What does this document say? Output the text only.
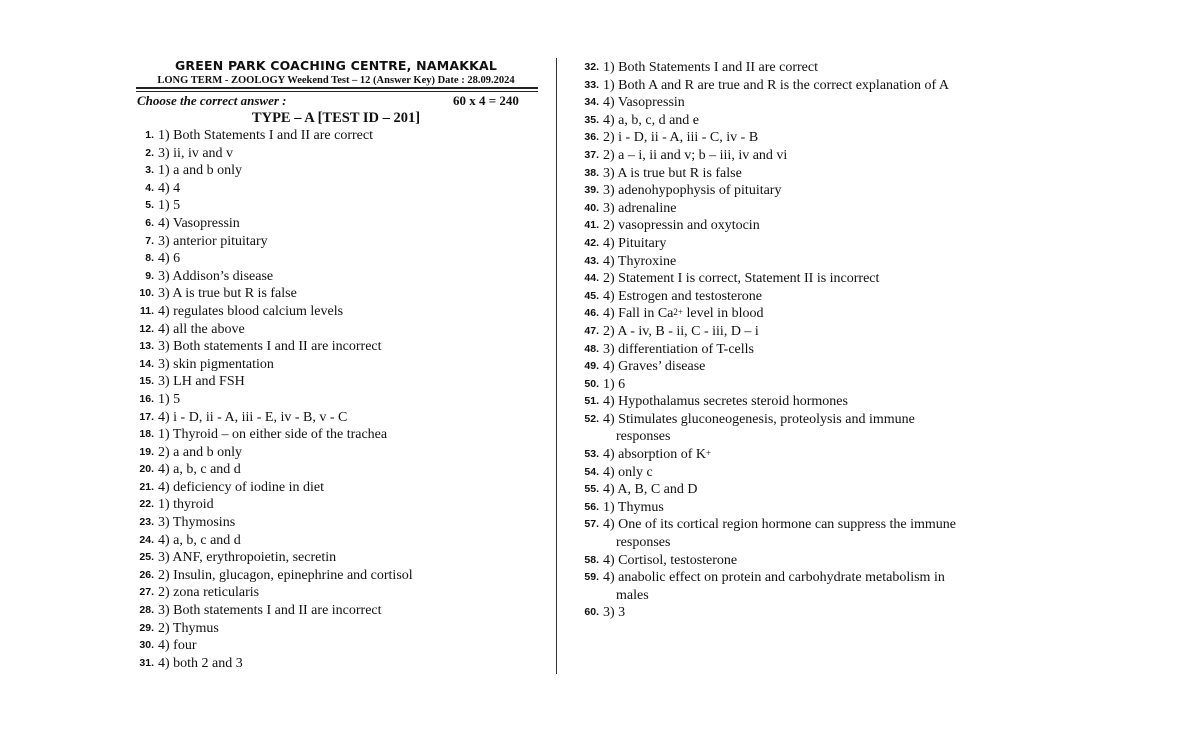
GREEN PARK COACHING CENTRE, NAMAKKAL
LONG TERM - ZOOLOGY Weekend Test – 12 (Answer Key) Date : 28.09.2024
Choose the correct answer :	60 x 4 = 240
TYPE – A [TEST ID – 201]
1. 1) Both Statements I and II are correct
2. 3) ii, iv and v
3. 1) a and b only
4. 4) 4
5. 1) 5
6. 4) Vasopressin
7. 3) anterior pituitary
8. 4) 6
9. 3) Addison’s disease
10. 3) A is true but R is false
11. 4) regulates blood calcium levels
12. 4) all the above
13. 3) Both statements I and II are incorrect
14. 3) skin pigmentation
15. 3) LH and FSH
16. 1) 5
17. 4) i - D, ii - A, iii - E, iv - B, v - C
18. 1) Thyroid – on either side of the trachea
19. 2) a and b only
20. 4) a, b, c and d
21. 4) deficiency of iodine in diet
22. 1) thyroid
23. 3) Thymosins
24. 4) a, b, c and d
25. 3) ANF, erythropoietin, secretin
26. 2) Insulin, glucagon, epinephrine and cortisol
27. 2) zona reticularis
28. 3) Both statements I and II are incorrect
29. 2) Thymus
30. 4) four
31. 4) both 2 and 3
32. 1) Both Statements I and II are correct
33. 1) Both A and R are true and R is the correct explanation of A
34. 4) Vasopressin
35. 4) a, b, c, d and e
36. 2) i - D, ii - A, iii - C, iv - B
37. 2) a – i, ii and v; b – iii, iv and vi
38. 3) A is true but R is false
39. 3) adenohypophysis of pituitary
40. 3) adrenaline
41. 2) vasopressin and oxytocin
42. 4) Pituitary
43. 4) Thyroxine
44. 2) Statement I is correct, Statement II is incorrect
45. 4) Estrogen and testosterone
46. 4) Fall in $Ca^{2+}$ level in blood
47. 2) A - iv, B - ii, C - iii, D – i
48. 3) differentiation of T-cells
49. 4) Graves’ disease
50. 1) 6
51. 4) Hypothalamus secretes steroid hormones
52. 4) Stimulates gluconeogenesis, proteolysis and immune
responses
53. 4) absorption of K+
54. 4) only c
55. 4) A, B, C and D
56. 1) Thymus
57. 4) One of its cortical region hormone can suppress the immune
responses
58. 4) Cortisol, testosterone
59. 4) anabolic effect on protein and carbohydrate metabolism in
males
60. 3) 3
